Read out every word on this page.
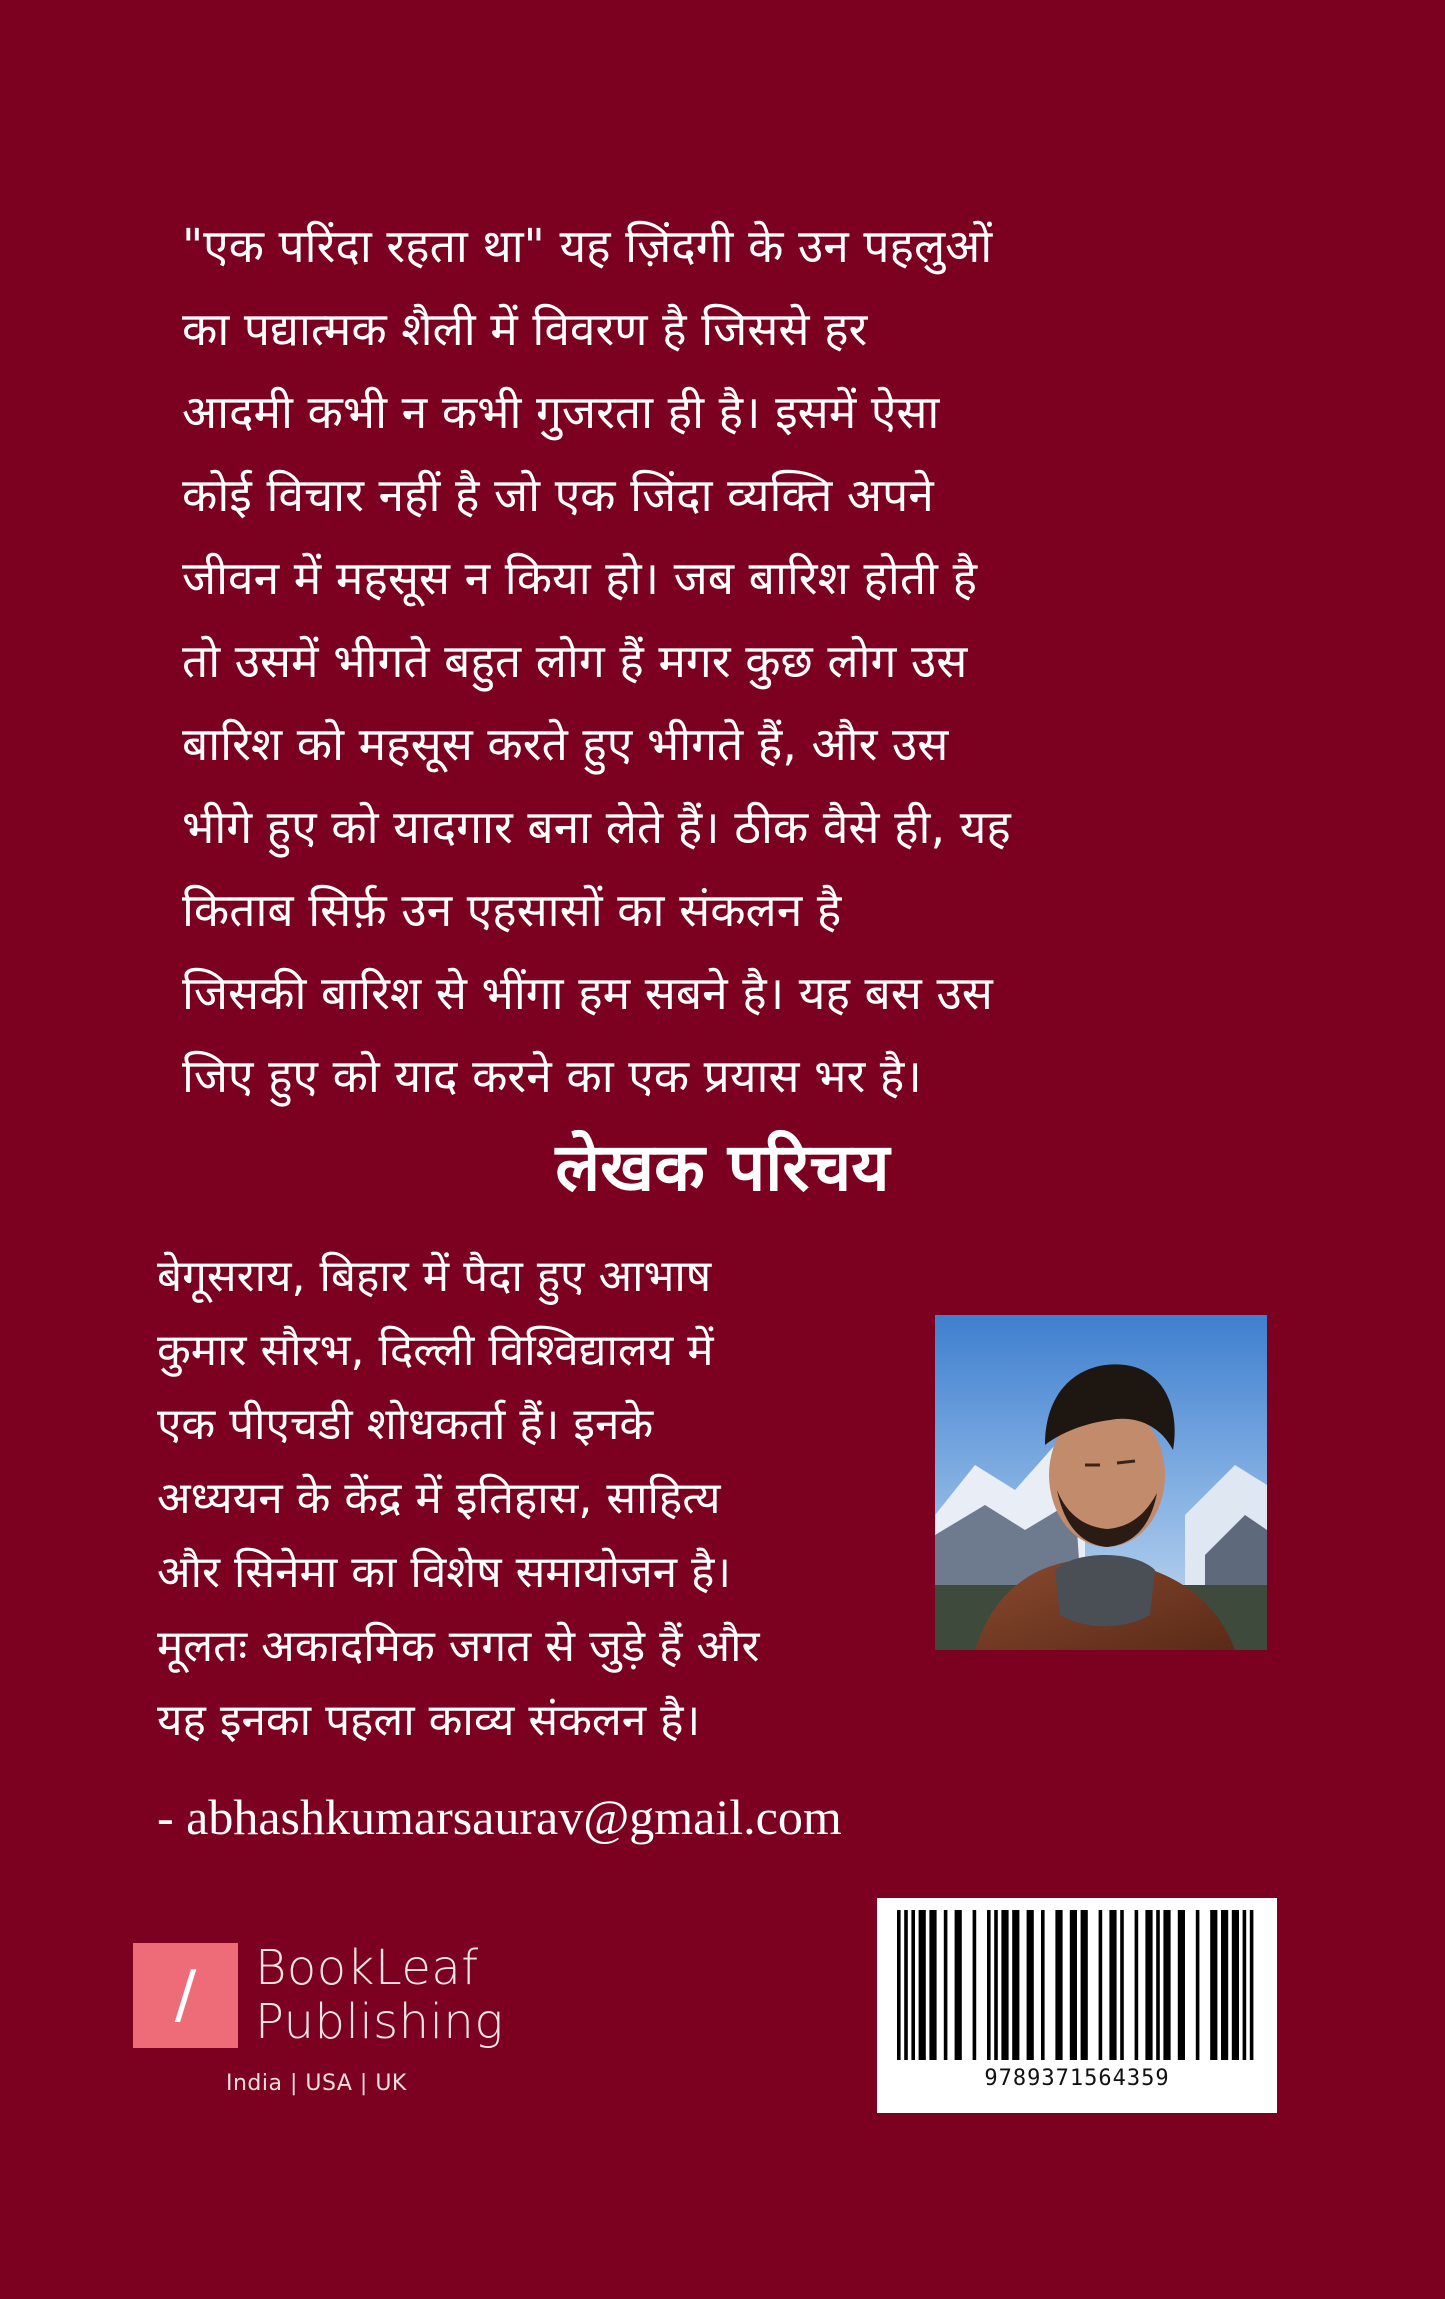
"एक परिंदा रहता था" यह ज़िंदगी के उन पहलुओं
का पद्यात्मक शैली में विवरण है जिससे हर
आदमी कभी न कभी गुजरता ही है। इसमें ऐसा
कोई विचार नहीं है जो एक जिंदा व्यक्ति अपने
जीवन में महसूस न किया हो। जब बारिश होती है
तो उसमें भीगते बहुत लोग हैं मगर कुछ लोग उस
बारिश को महसूस करते हुए भीगते हैं, और उस
भीगे हुए को यादगार बना लेते हैं। ठीक वैसे ही, यह
किताब सिर्फ़ उन एहसासों का संकलन है
जिसकी बारिश से भींगा हम सबने है। यह बस उस
जिए हुए को याद करने का एक प्रयास भर है।
लेखक परिचय
बेगूसराय, बिहार में पैदा हुए आभाष
कुमार सौरभ, दिल्ली विश्विद्यालय में
एक पीएचडी शोधकर्ता हैं। इनके
अध्ययन के केंद्र में इतिहास, साहित्य
और सिनेमा का विशेष समायोजन है।
मूलतः अकादमिक जगत से जुड़े हैं और
यह इनका पहला काव्य संकलन है।
- abhashkumarsaurav@gmail.com
/	BookLeaf
Publishing
India | USA | UK	9789371564359
